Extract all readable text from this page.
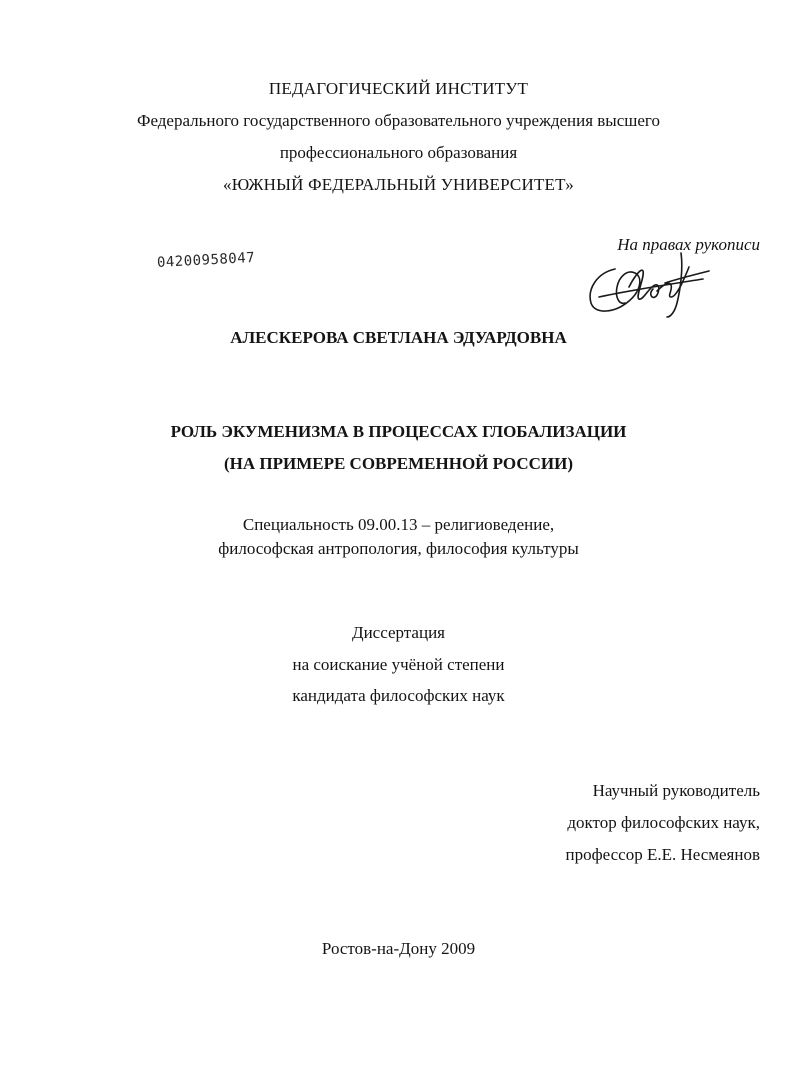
ПЕДАГОГИЧЕСКИЙ ИНСТИТУТ
Федерального государственного образовательного учреждения высшего
профессионального образования
«ЮЖНЫЙ ФЕДЕРАЛЬНЫЙ УНИВЕРСИТЕТ»
На правах рукописи
04200958047
АЛЕСКЕРОВА СВЕТЛАНА ЭДУАРДОВНА
РОЛЬ ЭКУМЕНИЗМА В ПРОЦЕССАХ ГЛОБАЛИЗАЦИИ
(НА ПРИМЕРЕ СОВРЕМЕННОЙ РОССИИ)
Специальность 09.00.13 – религиоведение,
философская антропология, философия культуры
Диссертация
на соискание учёной степени
кандидата философских наук
Научный руководитель
доктор философских наук,
профессор Е.Е. Несмеянов
Ростов-на-Дону 2009
